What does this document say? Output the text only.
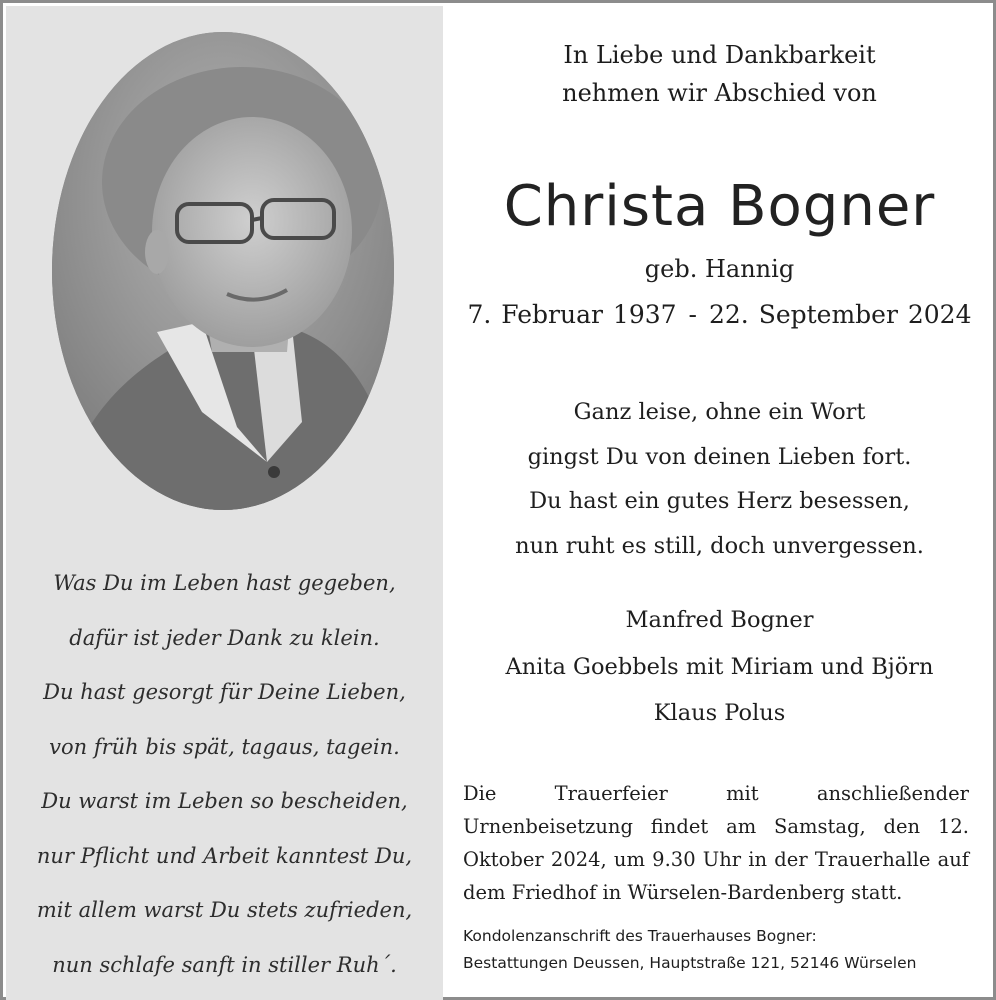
Was Du im Leben hast gegeben,
dafür ist jeder Dank zu klein.
Du hast gesorgt für Deine Lieben,
von früh bis spät, tagaus, tagein.
Du warst im Leben so bescheiden,
nur Pflicht und Arbeit kanntest Du,
mit allem warst Du stets zufrieden,
nun schlafe sanft in stiller Ruh´.
In Liebe und Dankbarkeit
nehmen wir Abschied von
Christa Bogner
geb. Hannig
7. Februar 1937 - 22. September 2024
Ganz leise, ohne ein Wort
gingst Du von deinen Lieben fort.
Du hast ein gutes Herz besessen,
nun ruht es still, doch unvergessen.
Manfred Bogner
Anita Goebbels mit Miriam und Björn
Klaus Polus
Die Trauerfeier mit anschließender Urnenbeisetzung findet am Samstag, den 12. Oktober 2024, um 9.30 Uhr in der Trauerhalle auf dem Friedhof in Würselen-Bardenberg statt.
Kondolenzanschrift des Trauerhauses Bogner:
Bestattungen Deussen, Hauptstraße 121, 52146 Würselen
